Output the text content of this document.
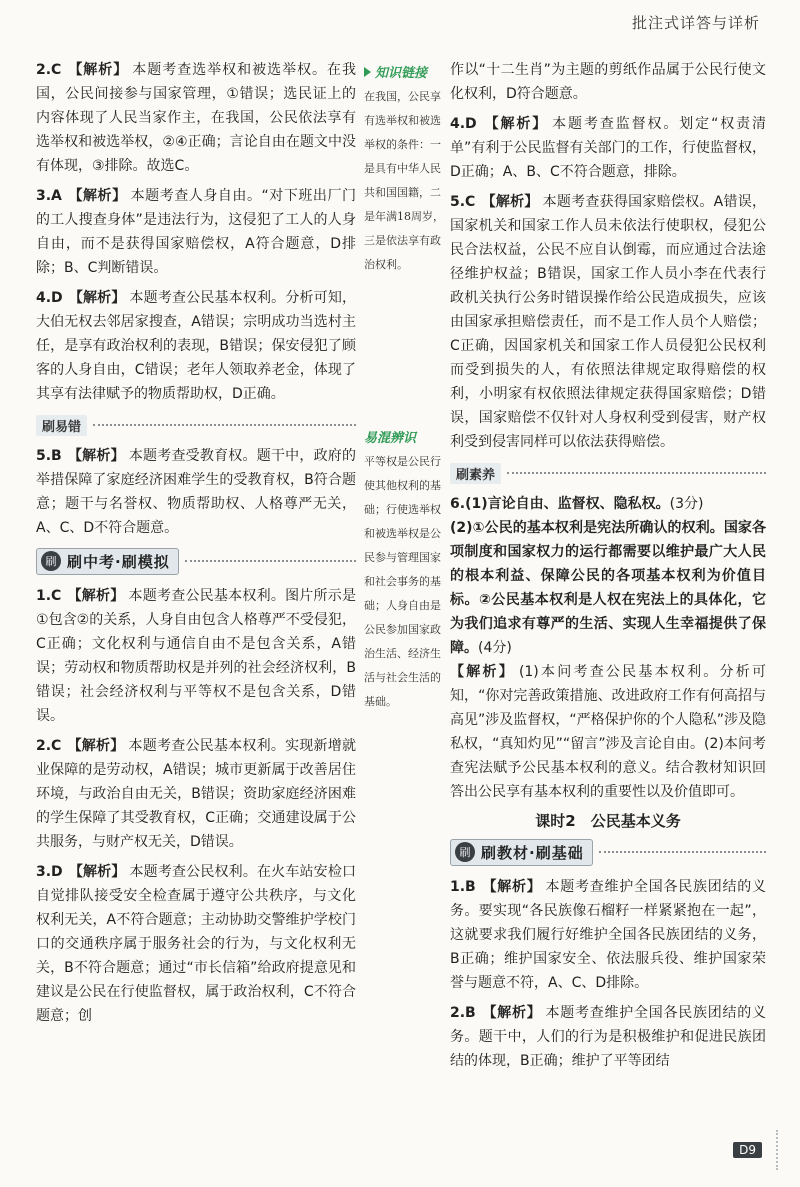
批注式详答与详析

2.C 【解析】 本题考查选举权和被选举权。在我国，公民间接参与国家管理，①错误；选民证上的内容体现了人民当家作主，在我国，公民依法享有选举权和被选举权，②④正确；言论自由在题文中没有体现，③排除。故选C。

3.A 【解析】 本题考查人身自由。“对下班出厂门的工人搜查身体”是违法行为，这侵犯了工人的人身自由，而不是获得国家赔偿权，A符合题意，D排除；B、C判断错误。

4.D 【解析】 本题考查公民基本权利。分析可知，大伯无权去邻居家搜查，A错误；宗明成功当选村主任，是享有政治权利的表现，B错误；保安侵犯了顾客的人身自由，C错误；老年人领取养老金，体现了其享有法律赋予的物质帮助权，D正确。

刷易错

5.B 【解析】 本题考查受教育权。题干中，政府的举措保障了家庭经济困难学生的受教育权，B符合题意；题干与名誉权、物质帮助权、人格尊严无关，A、C、D不符合题意。

刷 刷中考·刷模拟

1.C 【解析】 本题考查公民基本权利。图片所示是①包含②的关系，人身自由包含人格尊严不受侵犯，C正确；文化权利与通信自由不是包含关系，A错误；劳动权和物质帮助权是并列的社会经济权利，B错误；社会经济权利与平等权不是包含关系，D错误。

2.C 【解析】 本题考查公民基本权利。实现新增就业保障的是劳动权，A错误；城市更新属于改善居住环境，与政治自由无关，B错误；资助家庭经济困难的学生保障了其受教育权，C正确；交通建设属于公共服务，与财产权无关，D错误。

3.D 【解析】 本题考查公民权利。在火车站安检口自觉排队接受安全检查属于遵守公共秩序，与文化权利无关，A不符合题意；主动协助交警维护学校门口的交通秩序属于服务社会的行为，与文化权利无关，B不符合题意；通过“市长信箱”给政府提意见和建议是公民在行使监督权，属于政治权利，C不符合题意；创

知识链接
在我国，公民享有选举权和被选举权的条件：一是具有中华人民共和国国籍，二是年满18周岁，三是依法享有政治权利。
易混辨识
平等权是公民行使其他权利的基础；行使选举权和被选举权是公民参与管理国家和社会事务的基础；人身自由是公民参加国家政治生活、经济生活与社会生活的基础。

作以“十二生肖”为主题的剪纸作品属于公民行使文化权利，D符合题意。

4.D 【解析】 本题考查监督权。划定“权责清单”有利于公民监督有关部门的工作，行使监督权，D正确；A、B、C不符合题意，排除。

5.C 【解析】 本题考查获得国家赔偿权。A错误，国家机关和国家工作人员未依法行使职权，侵犯公民合法权益，公民不应自认倒霉，而应通过合法途径维护权益；B错误，国家工作人员小李在代表行政机关执行公务时错误操作给公民造成损失，应该由国家承担赔偿责任，而不是工作人员个人赔偿；C正确，因国家机关和国家工作人员侵犯公民权利而受到损失的人，有依照法律规定取得赔偿的权利，小明家有权依照法律规定获得国家赔偿；D错误，国家赔偿不仅针对人身权利受到侵害，财产权利受到侵害同样可以依法获得赔偿。

刷素养

6.(1)言论自由、监督权、隐私权。(3分)

(2)①公民的基本权利是宪法所确认的权利。国家各项制度和国家权力的运行都需要以维护最广大人民的根本利益、保障公民的各项基本权利为价值目标。②公民基本权利是人权在宪法上的具体化，它为我们追求有尊严的生活、实现人生幸福提供了保障。(4分)

【解析】 (1)本问考查公民基本权利。分析可知，“你对完善政策措施、改进政府工作有何高招与高见”涉及监督权，“严格保护你的个人隐私”涉及隐私权，“真知灼见”“留言”涉及言论自由。(2)本问考查宪法赋予公民基本权利的意义。结合教材知识回答出公民享有基本权利的重要性以及价值即可。

课时2　公民基本义务
刷 刷教材·刷基础

1.B 【解析】 本题考查维护全国各民族团结的义务。要实现“各民族像石榴籽一样紧紧抱在一起”，这就要求我们履行好维护全国各民族团结的义务，B正确；维护国家安全、依法服兵役、维护国家荣誉与题意不符，A、C、D排除。

2.B 【解析】 本题考查维护全国各民族团结的义务。题干中，人们的行为是积极维护和促进民族团结的体现，B正确；维护了平等团结

D9
